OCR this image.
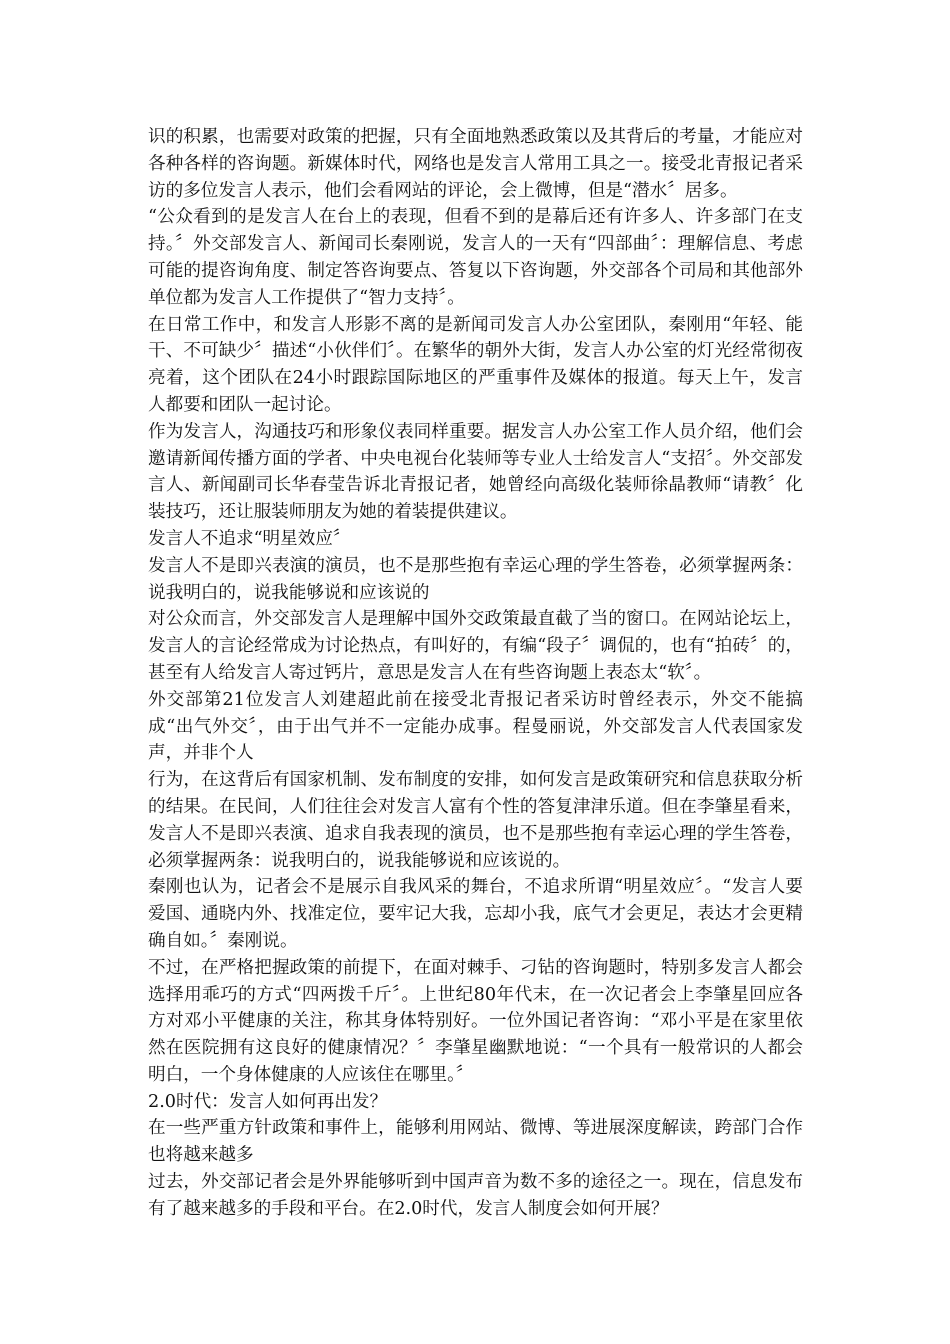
识的积累，也需要对政策的把握，只有全面地熟悉政策以及其背后的考量，才能应对各种各样的咨询题。新媒体时代，网络也是发言人常用工具之一。接受北青报记者采访的多位发言人表示，他们会看网站的评论，会上微博，但是“潜水〞居多。

“公众看到的是发言人在台上的表现，但看不到的是幕后还有许多人、许多部门在支持。〞外交部发言人、新闻司长秦刚说，发言人的一天有“四部曲〞：理解信息、考虑可能的提咨询角度、制定答咨询要点、答复以下咨询题，外交部各个司局和其他部外单位都为发言人工作提供了“智力支持〞。

在日常工作中，和发言人形影不离的是新闻司发言人办公室团队，秦刚用“年轻、能干、不可缺少〞描述“小伙伴们〞。在繁华的朝外大街，发言人办公室的灯光经常彻夜亮着，这个团队在24小时跟踪国际地区的严重事件及媒体的报道。每天上午，发言人都要和团队一起讨论。

作为发言人，沟通技巧和形象仪表同样重要。据发言人办公室工作人员介绍，他们会邀请新闻传播方面的学者、中央电视台化装师等专业人士给发言人“支招〞。外交部发言人、新闻副司长华春莹告诉北青报记者，她曾经向高级化装师徐晶教师“请教〞化装技巧，还让服装师朋友为她的着装提供建议。

发言人不追求“明星效应〞

发言人不是即兴表演的演员，也不是那些抱有幸运心理的学生答卷，必须掌握两条：说我明白的，说我能够说和应该说的

对公众而言，外交部发言人是理解中国外交政策最直截了当的窗口。在网站论坛上，发言人的言论经常成为讨论热点，有叫好的，有编“段子〞调侃的，也有“拍砖〞的，甚至有人给发言人寄过钙片，意思是发言人在有些咨询题上表态太“软〞。

外交部第21位发言人刘建超此前在接受北青报记者采访时曾经表示，外交不能搞成“出气外交〞，由于出气并不一定能办成事。程曼丽说，外交部发言人代表国家发声，并非个人

行为，在这背后有国家机制、发布制度的安排，如何发言是政策研究和信息获取分析的结果。在民间，人们往往会对发言人富有个性的答复津津乐道。但在李肇星看来，发言人不是即兴表演、追求自我表现的演员，也不是那些抱有幸运心理的学生答卷，必须掌握两条：说我明白的，说我能够说和应该说的。

秦刚也认为，记者会不是展示自我风采的舞台，不追求所谓“明星效应〞。“发言人要爱国、通晓内外、找准定位，要牢记大我，忘却小我，底气才会更足，表达才会更精确自如。〞秦刚说。

不过，在严格把握政策的前提下，在面对棘手、刁钻的咨询题时，特别多发言人都会选择用乖巧的方式“四两拨千斤〞。上世纪80年代末，在一次记者会上李肇星回应各方对邓小平健康的关注，称其身体特别好。一位外国记者咨询：“邓小平是在家里依然在医院拥有这良好的健康情况？〞李肇星幽默地说：“一个具有一般常识的人都会明白，一个身体健康的人应该住在哪里。〞

2.0时代：发言人如何再出发？

在一些严重方针政策和事件上，能够利用网站、微博、等进展深度解读，跨部门合作也将越来越多

过去，外交部记者会是外界能够听到中国声音为数不多的途径之一。现在，信息发布有了越来越多的手段和平台。在2.0时代，发言人制度会如何开展？
